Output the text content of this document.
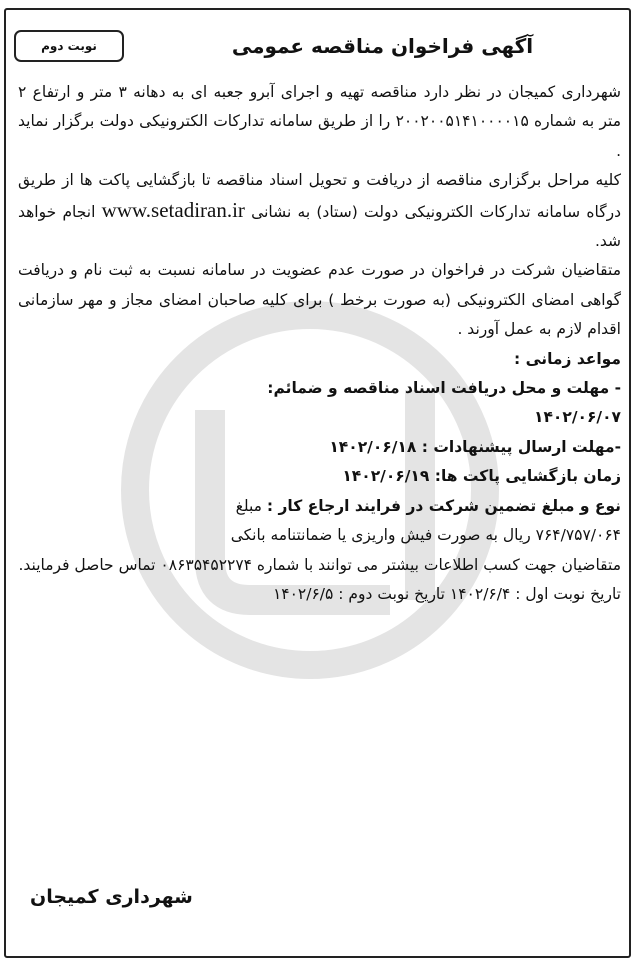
نوبت دوم	آگهی فراخوان مناقصه عمومی

شهرداری کمیجان در نظر دارد مناقصه تهیه و اجرای آبرو جعبه ای به دهانه ۳ متر و ارتفاع ۲ متر به شماره ۲۰۰۲۰۰۵۱۴۱۰۰۰۰۱۵ را از طریق سامانه تدارکات الکترونیکی دولت برگزار نماید .

کلیه مراحل برگزاری مناقصه از دریافت و تحویل اسناد مناقصه تا بازگشایی پاکت ها از طریق درگاه سامانه تدارکات الکترونیکی دولت (ستاد) به نشانی www.setadiran.ir انجام خواهد شد.

متقاضیان شرکت در فراخوان در صورت عدم عضویت در سامانه نسبت به ثبت نام و دریافت گواهی امضای الکترونیکی (به صورت برخط ) برای کلیه صاحبان امضای مجاز و مهر سازمانی اقدام لازم به عمل آورند .

مواعد زمانی :

- مهلت و محل دریافت اسناد مناقصه و ضمائم:

۱۴۰۲/۰۶/۰۷

-مهلت ارسال پیشنهادات : ۱۴۰۲/۰۶/۱۸

زمان بازگشایی پاکت ها: ۱۴۰۲/۰۶/۱۹

نوع و مبلغ تضمین شرکت در فرایند ارجاع کار : مبلغ

۷۶۴/۷۵۷/۰۶۴ ریال به صورت فیش واریزی یا ضمانتنامه بانکی

متقاضیان جهت کسب اطلاعات بیشتر می توانند با شماره ۰۸۶۳۵۴۵۲۲۷۴ تماس حاصل فرمایند.

تاریخ نوبت اول : ۱۴۰۲/۶/۴ تاریخ نوبت دوم : ۱۴۰۲/۶/۵

شهرداری کمیجان
